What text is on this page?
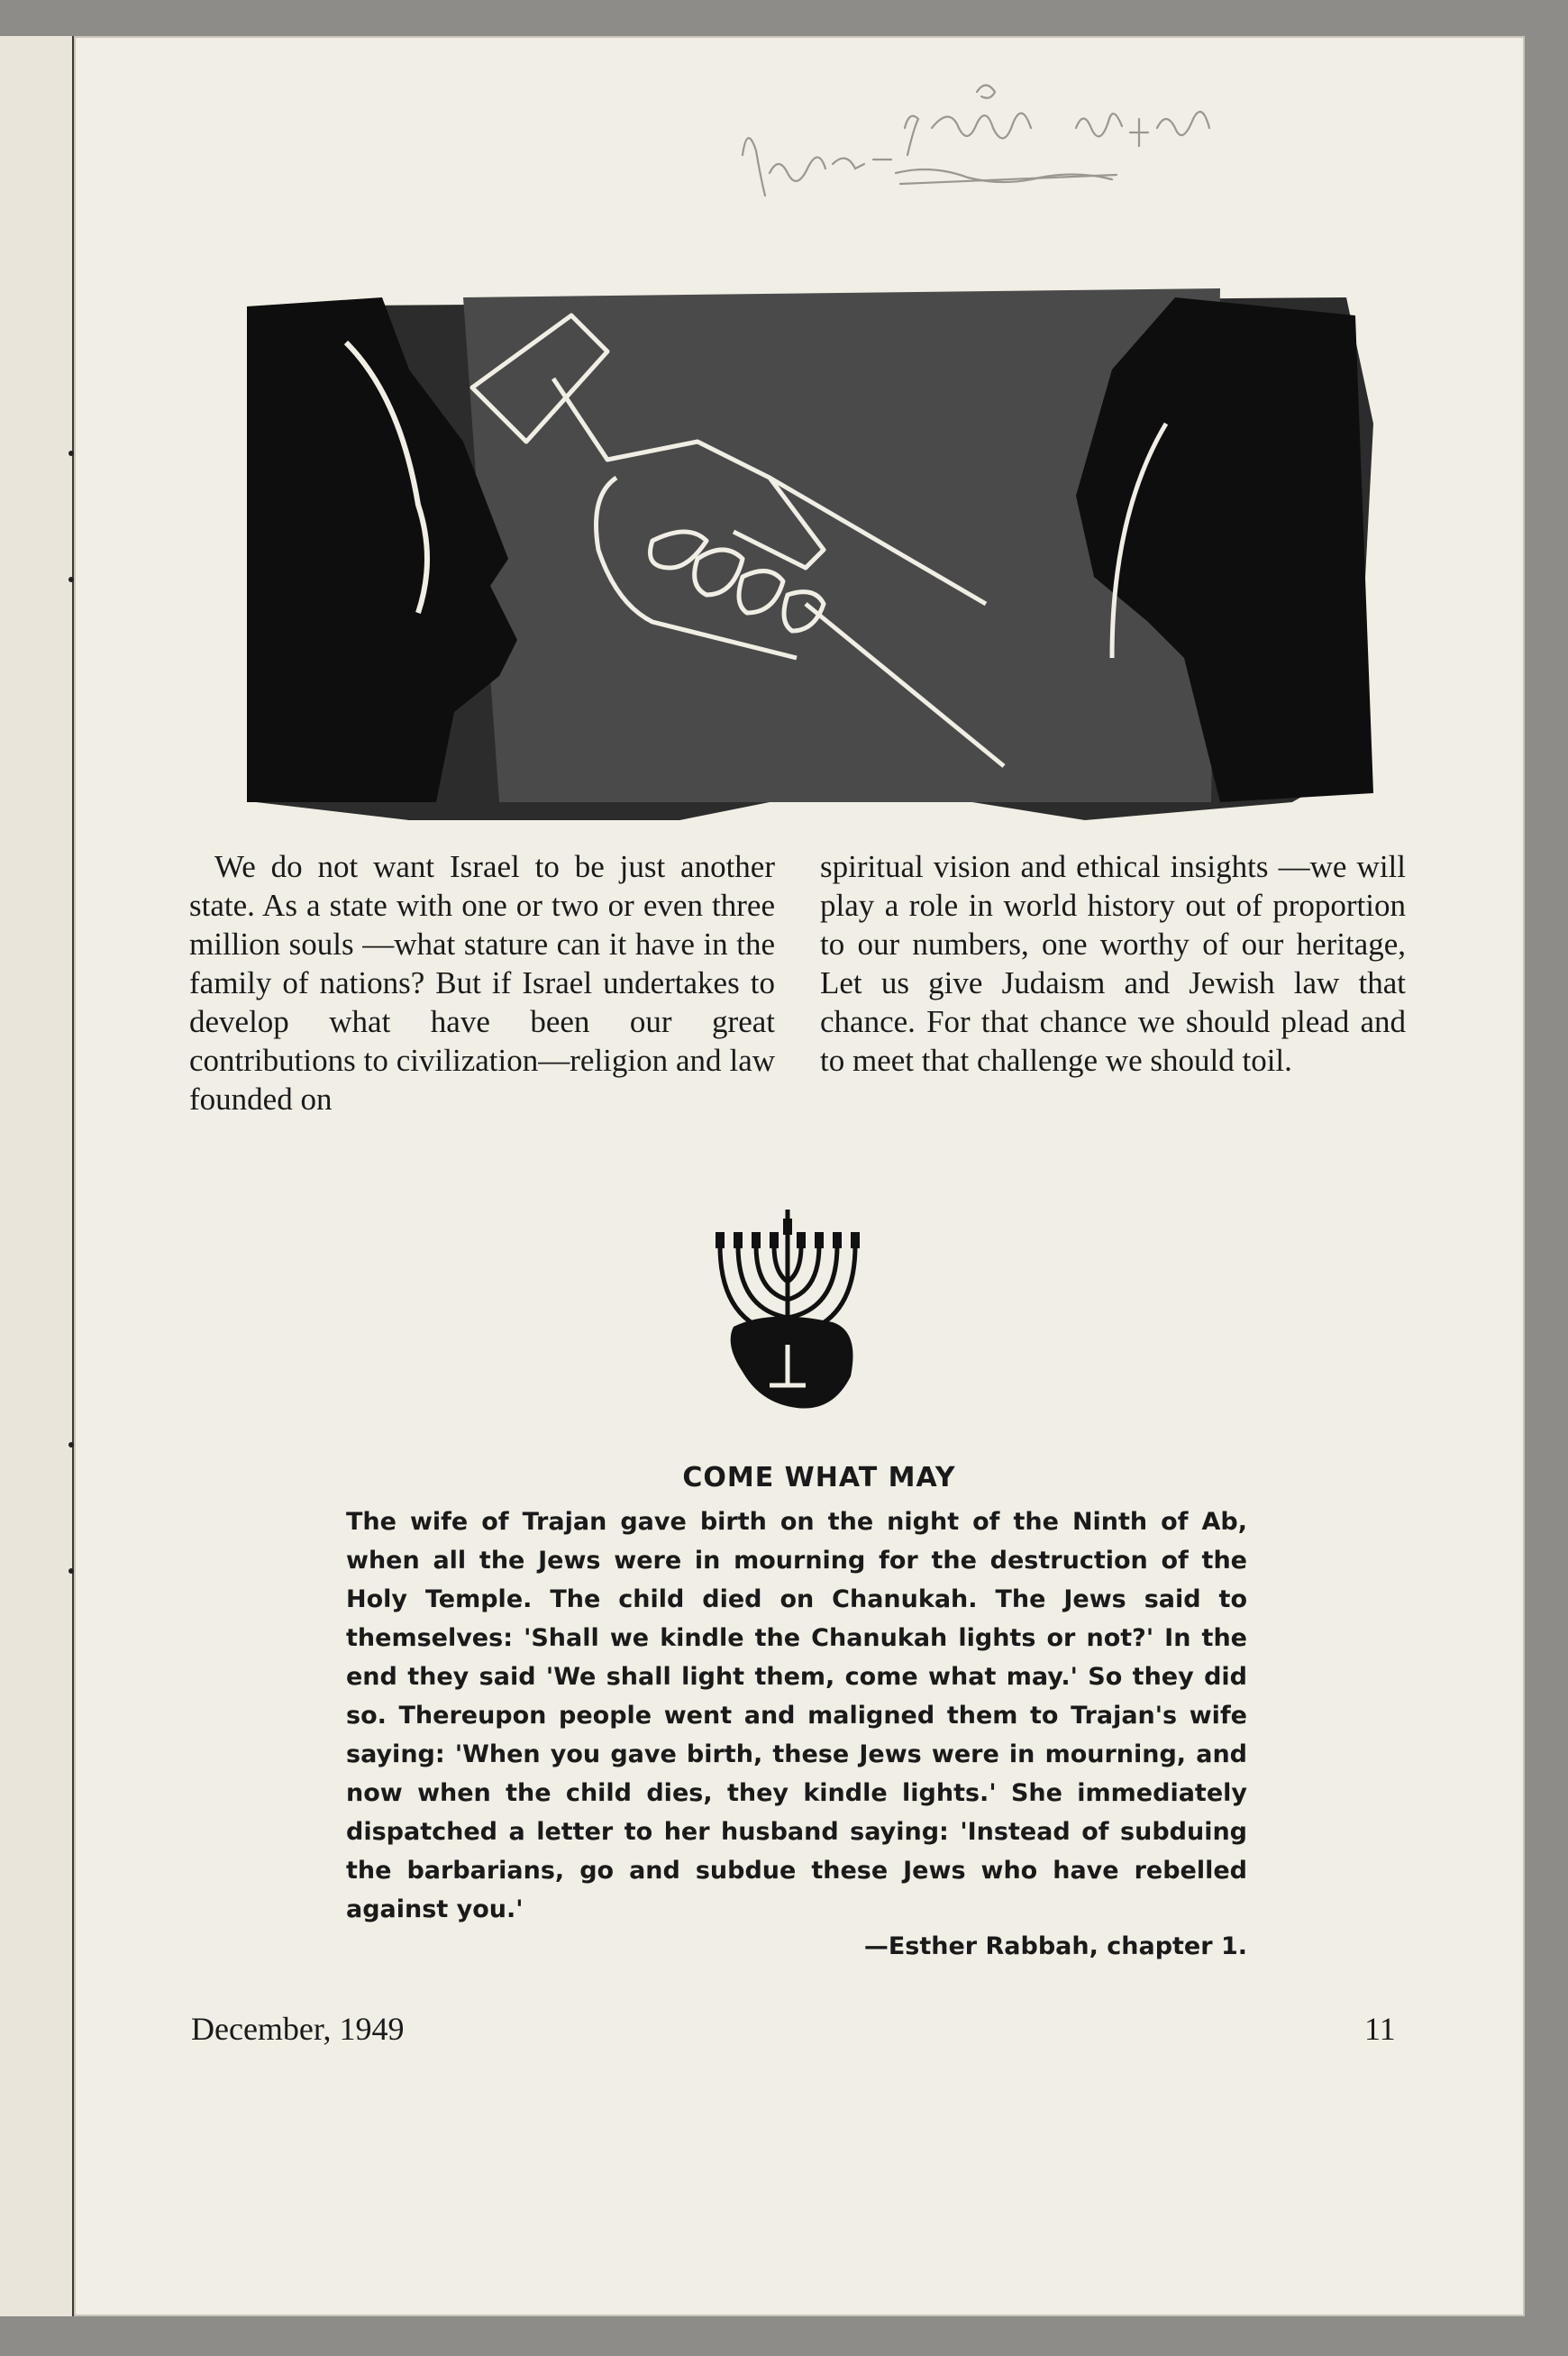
We do not want Israel to be just another state. As a state with one or two or even three million souls —what stature can it have in the family of nations? But if Israel undertakes to develop what have been our great contributions to civilization—religion and law founded on
spiritual vision and ethical insights —we will play a role in world history out of proportion to our numbers, one worthy of our heritage, Let us give Judaism and Jewish law that chance. For that chance we should plead and to meet that challenge we should toil.
COME WHAT MAY
The wife of Trajan gave birth on the night of the Ninth of Ab, when all the Jews were in mourning for the destruction of the Holy Temple. The child died on Chanukah. The Jews said to themselves: 'Shall we kindle the Chanukah lights or not?' In the end they said 'We shall light them, come what may.' So they did so. Thereupon people went and maligned them to Trajan's wife saying: 'When you gave birth, these Jews were in mourning, and now when the child dies, they kindle lights.' She immediately dispatched a letter to her husband saying: 'Instead of subduing the barbarians, go and subdue these Jews who have rebelled against you.'
—Esther Rabbah, chapter 1.
December, 1949	11
